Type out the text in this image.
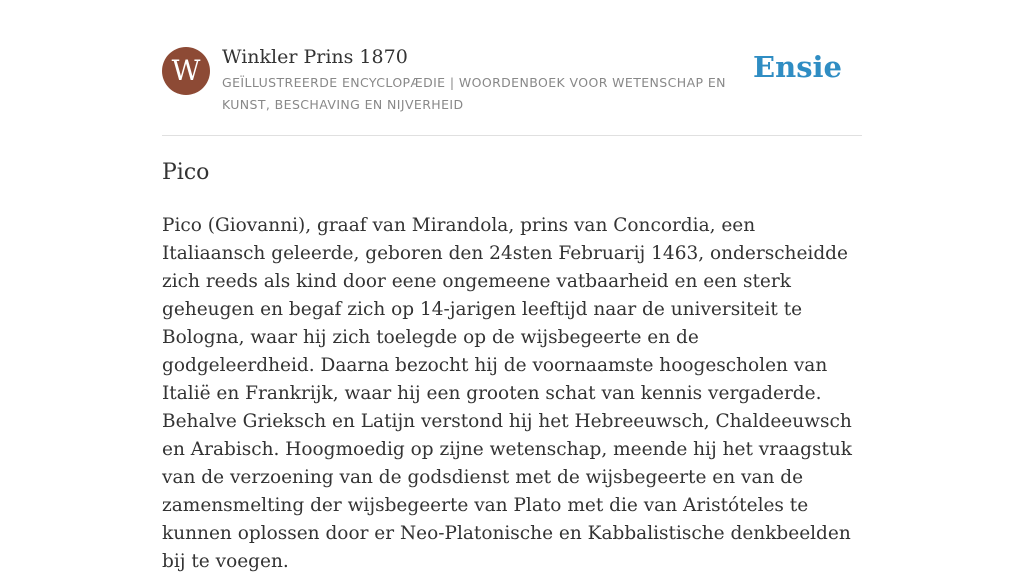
W	Winkler Prins 1870
GEÏLLUSTREERDE ENCYCLOPÆDIE | WOORDENBOEK VOOR WETENSCHAP EN KUNST, BESCHAVING EN NIJVERHEID
Ensie
Pico

Pico (Giovanni), graaf van Mirandola, prins van Concordia, een Italiaansch geleerde, geboren den 24sten Februarij 1463, onderscheidde zich reeds als kind door eene ongemeene vatbaarheid en een sterk geheugen en begaf zich op 14-jarigen leeftijd naar de universiteit te Bologna, waar hij zich toelegde op de wijsbegeerte en de godgeleerdheid. Daarna bezocht hij de voornaamste hoogescholen van Italië en Frankrijk, waar hij een grooten schat van kennis vergaderde. Behalve Grieksch en Latijn verstond hij het Hebreeuwsch, Chaldeeuwsch en Arabisch. Hoogmoedig op zijne wetenschap, meende hij het vraagstuk van de verzoening van de godsdienst met de wijsbegeerte en van de zamensmelting der wijsbegeerte van Plato met die van Aristóteles te kunnen oplossen door er Neo-Platonische en Kabbalistische denkbeelden bij te voegen.
